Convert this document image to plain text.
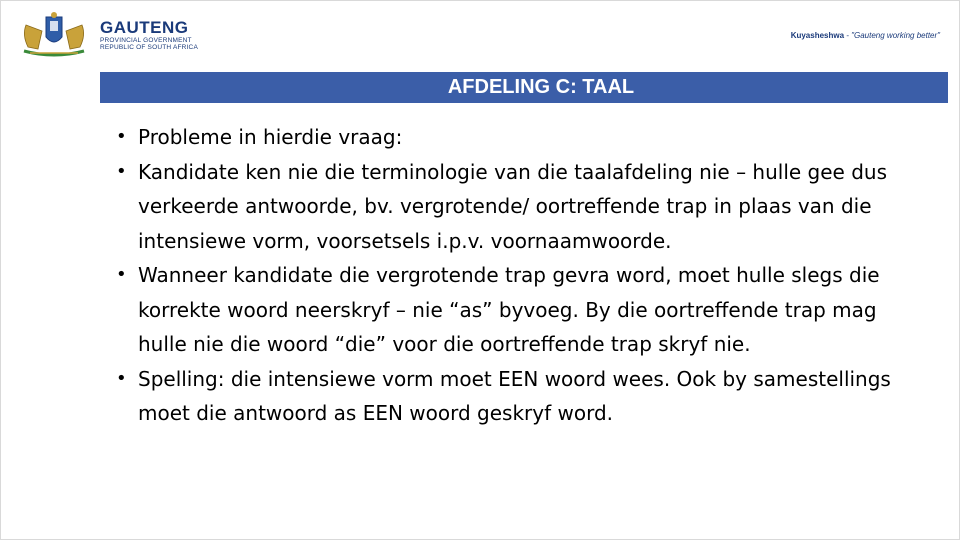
GAUTENG
PROVINCIAL GOVERNMENT
REPUBLIC OF SOUTH AFRICA
Kuyasheshwa - "Gauteng working better"
AFDELING C: TAAL

• Probleme in hierdie vraag:

• Kandidate ken nie die terminologie van die taalafdeling nie – hulle gee dus verkeerde antwoorde, bv. vergrotende/ oortreffende trap in plaas van die intensiewe vorm, voorsetsels i.p.v. voornaamwoorde.

• Wanneer kandidate die vergrotende trap gevra word, moet hulle slegs die korrekte woord neerskryf – nie “as” byvoeg. By die oortreffende trap mag hulle nie die woord “die” voor die oortreffende trap skryf nie.

• Spelling: die intensiewe vorm moet EEN woord wees. Ook by samestellings moet die antwoord as EEN woord geskryf word.
